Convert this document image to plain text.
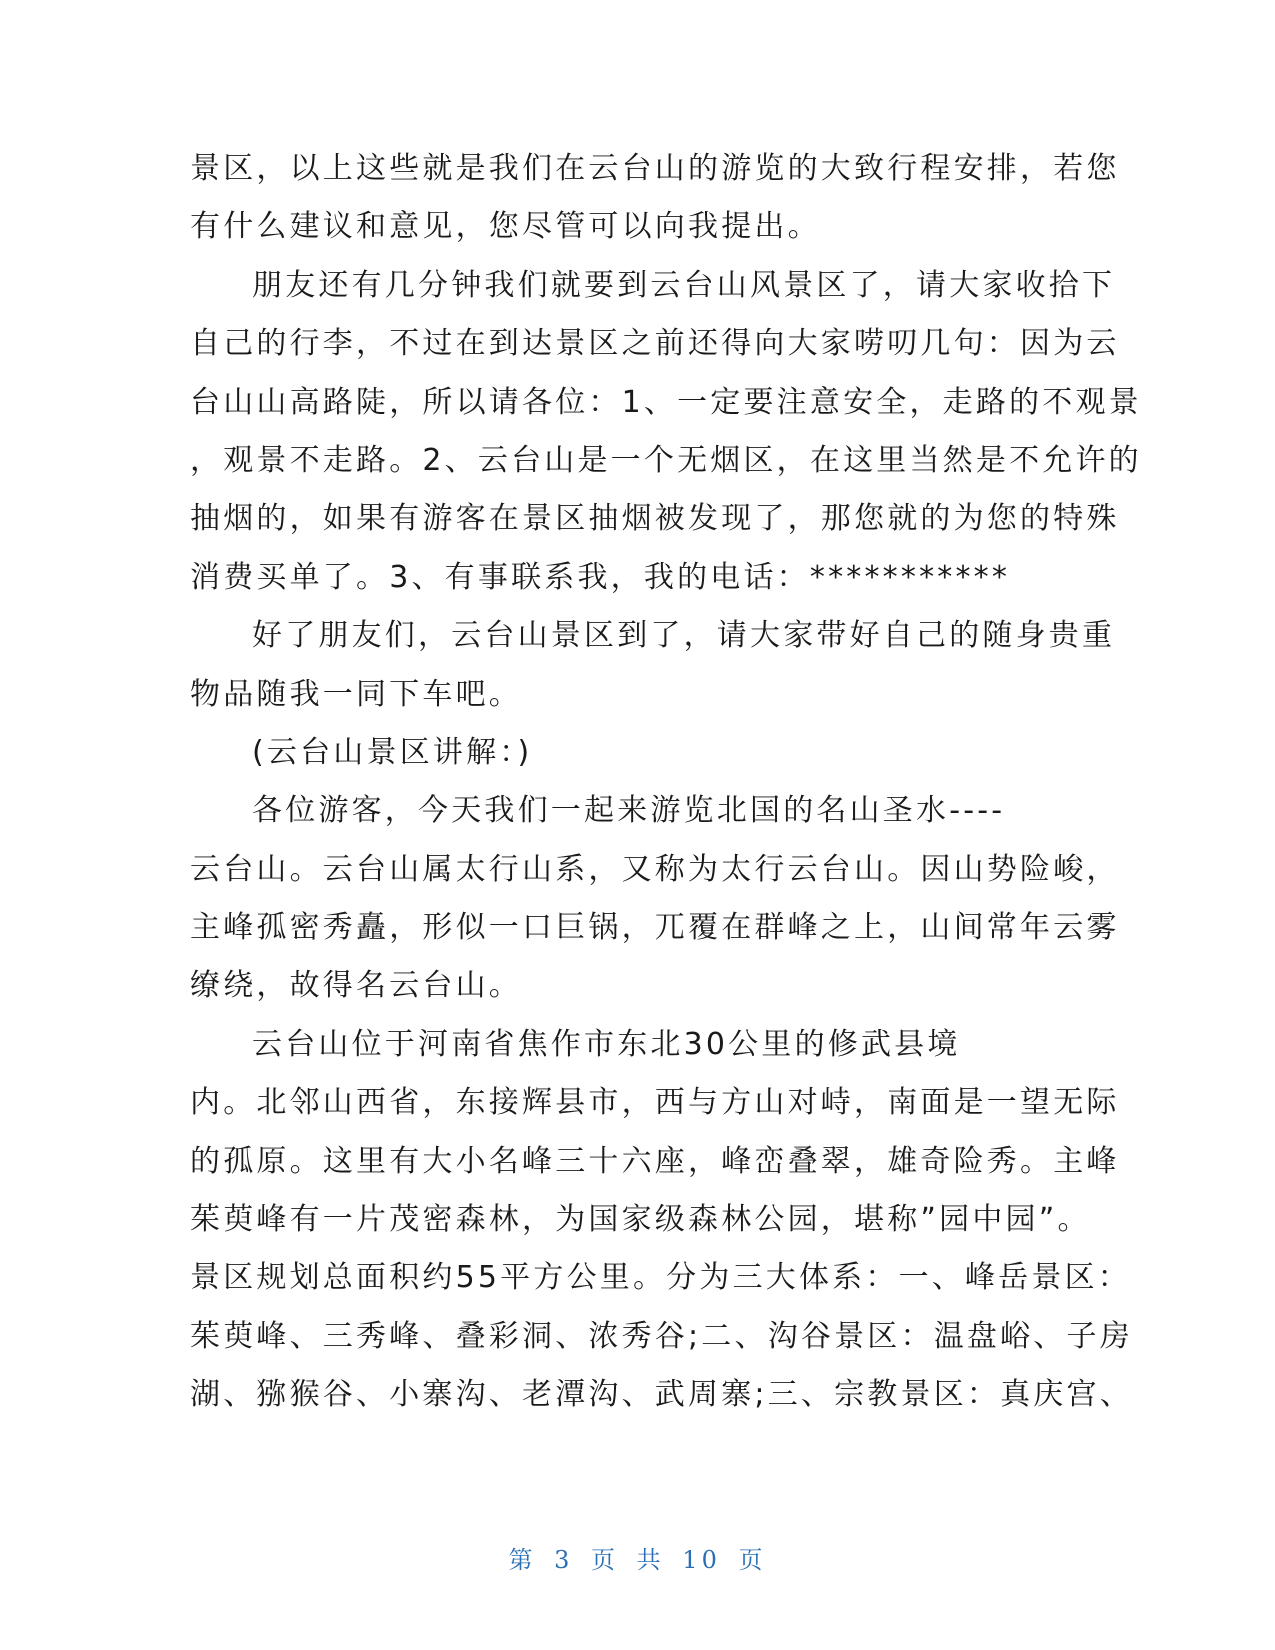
景区，以上这些就是我们在云台山的游览的大致行程安排，若您
有什么建议和意见，您尽管可以向我提出。
朋友还有几分钟我们就要到云台山风景区了，请大家收拾下
自己的行李，不过在到达景区之前还得向大家唠叨几句：因为云
台山山高路陡，所以请各位：1、一定要注意安全，走路的不观景
，观景不走路。2、云台山是一个无烟区，在这里当然是不允许的
抽烟的，如果有游客在景区抽烟被发现了，那您就的为您的特殊
消费买单了。3、有事联系我，我的电话：***********
好了朋友们，云台山景区到了，请大家带好自己的随身贵重
物品随我一同下车吧。
(云台山景区讲解：)
各位游客，今天我们一起来游览北国的名山圣水----
云台山。云台山属太行山系，又称为太行云台山。因山势险峻，
主峰孤密秀矗，形似一口巨锅，兀覆在群峰之上，山间常年云雾
缭绕，故得名云台山。
云台山位于河南省焦作市东北30公里的修武县境
内。北邻山西省，东接辉县市，西与方山对峙，南面是一望无际
的孤原。这里有大小名峰三十六座，峰峦叠翠，雄奇险秀。主峰
茱萸峰有一片茂密森林，为国家级森林公园，堪称”园中园”。
景区规划总面积约55平方公里。分为三大体系：一、峰岳景区：
茱萸峰、三秀峰、叠彩洞、浓秀谷;二、沟谷景区：温盘峪、子房
湖、猕猴谷、小寨沟、老潭沟、武周寨;三、宗教景区：真庆宫、
第 3 页 共 10 页
